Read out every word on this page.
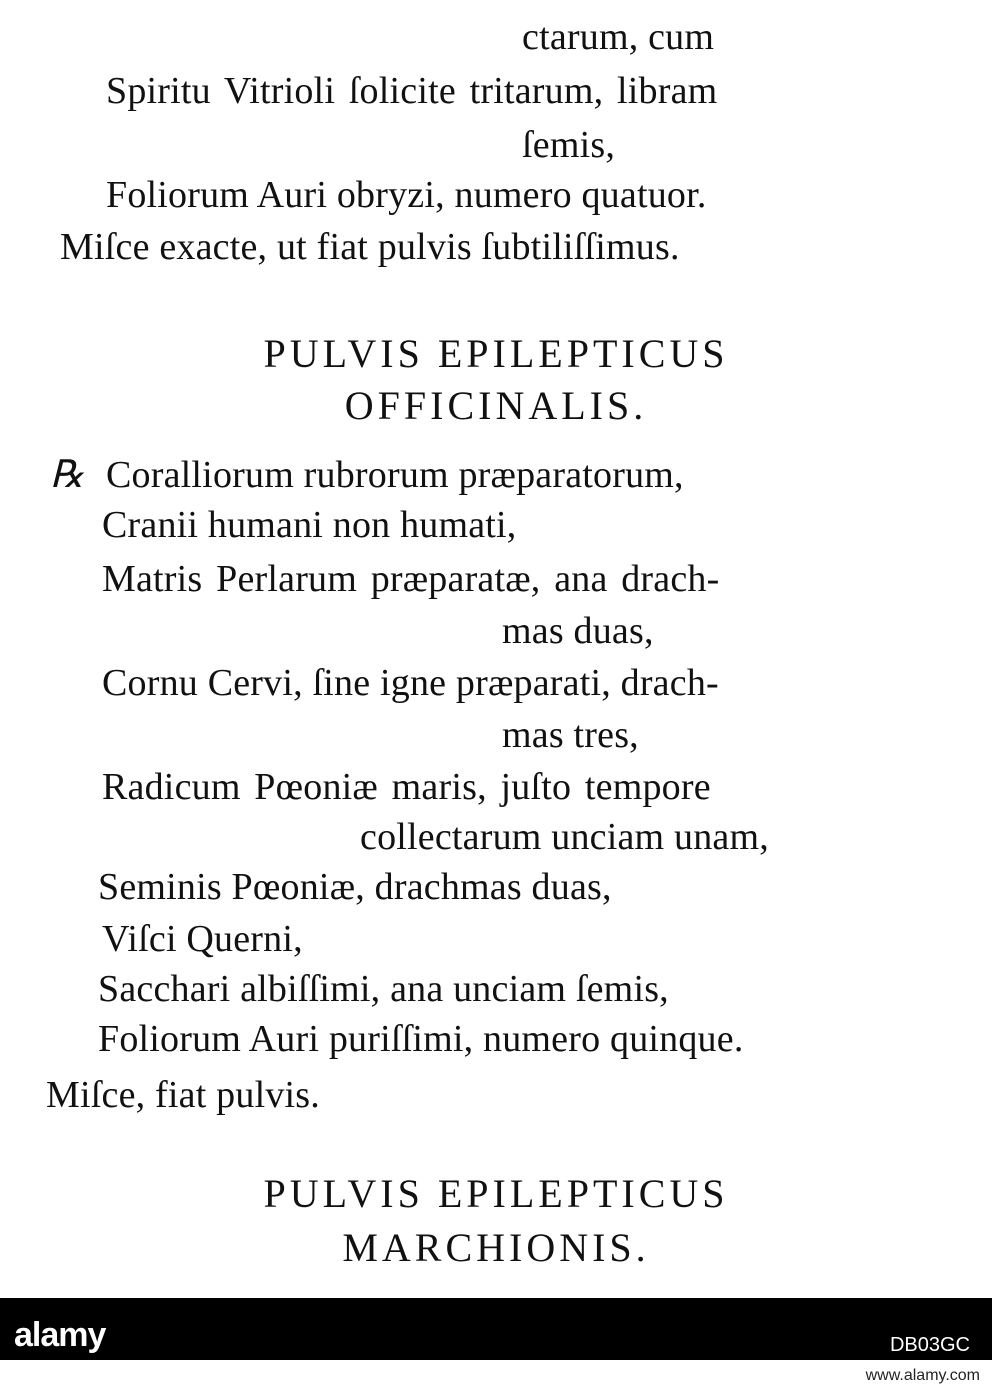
ctarum, cum
Spiritu Vitrioli ſolicite tritarum, libram
ſemis,
Foliorum Auri obryzi, numero quatuor.
Miſce exacte, ut fiat pulvis ſubtiliſſimus.
PULVIS EPILEPTICUS
OFFICINALIS.
℞ Coralliorum rubrorum præparatorum,
Cranii humani non humati,
Matris Perlarum præparatæ, ana drach-
mas duas,
Cornu Cervi, ſine igne præparati, drach-
mas tres,
Radicum Pœoniæ maris, juſto tempore
collectarum unciam unam,
Seminis Pœoniæ, drachmas duas,
Viſci Querni,
Sacchari albiſſimi, ana unciam ſemis,
Foliorum Auri puriſſimi, numero quinque.
Miſce, fiat pulvis.
PULVIS EPILEPTICUS
MARCHIONIS.
alamy	DB03GC
www.alamy.com
